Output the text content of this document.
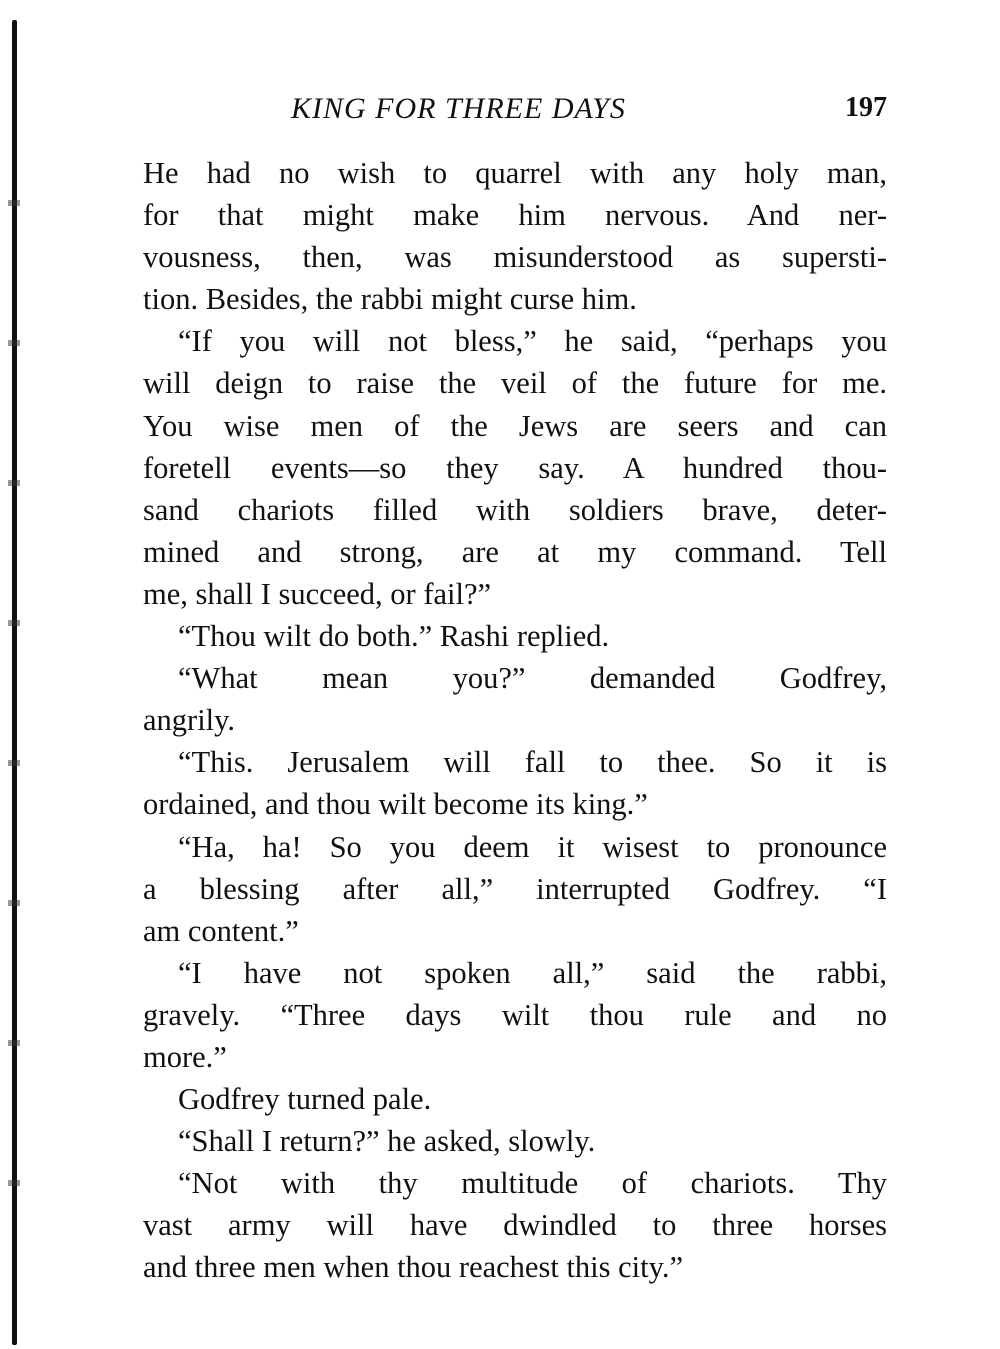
KING FOR THREE DAYS	197

He had no wish to quarrel with any holy man,
for that might make him nervous. And ner-
vousness, then, was misunderstood as supersti-
tion. Besides, the rabbi might curse him.

“If you will not bless,” he said, “perhaps you
will deign to raise the veil of the future for me.
You wise men of the Jews are seers and can
foretell events—so they say. A hundred thou-
sand chariots filled with soldiers brave, deter-
mined and strong, are at my command. Tell
me, shall I succeed, or fail?”

“Thou wilt do both.” Rashi replied.

“What mean you?” demanded Godfrey,
angrily.

“This. Jerusalem will fall to thee. So it is
ordained, and thou wilt become its king.”

“Ha, ha! So you deem it wisest to pronounce
a blessing after all,” interrupted Godfrey. “I
am content.”

“I have not spoken all,” said the rabbi,
gravely. “Three days wilt thou rule and no
more.”

Godfrey turned pale.

“Shall I return?” he asked, slowly.

“Not with thy multitude of chariots. Thy
vast army will have dwindled to three horses
and three men when thou reachest this city.”
